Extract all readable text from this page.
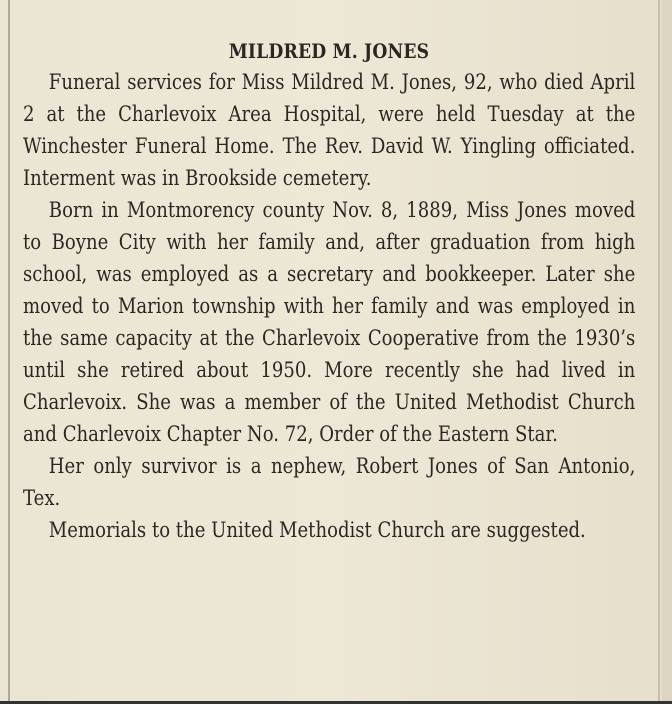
MILDRED M. JONES

Funeral services for Miss Mildred M. Jones, 92, who died April 2 at the Charlevoix Area Hospital, were held Tuesday at the Winchester Funeral Home. The Rev. David W. Yingling officiated. Interment was in Brookside cemetery.

Born in Montmorency county Nov. 8, 1889, Miss Jones moved to Boyne City with her family and, after graduation from high school, was employed as a secretary and bookkeeper. Later she moved to Marion township with her family and was employed in the same capacity at the Charlevoix Cooperative from the 1930’s until she retired about 1950. More recently she had lived in Charlevoix. She was a member of the United Methodist Church and Charlevoix Chapter No. 72, Order of the Eastern Star.

Her only survivor is a nephew, Robert Jones of San Antonio, Tex.

Memorials to the United Methodist Church are suggested.
